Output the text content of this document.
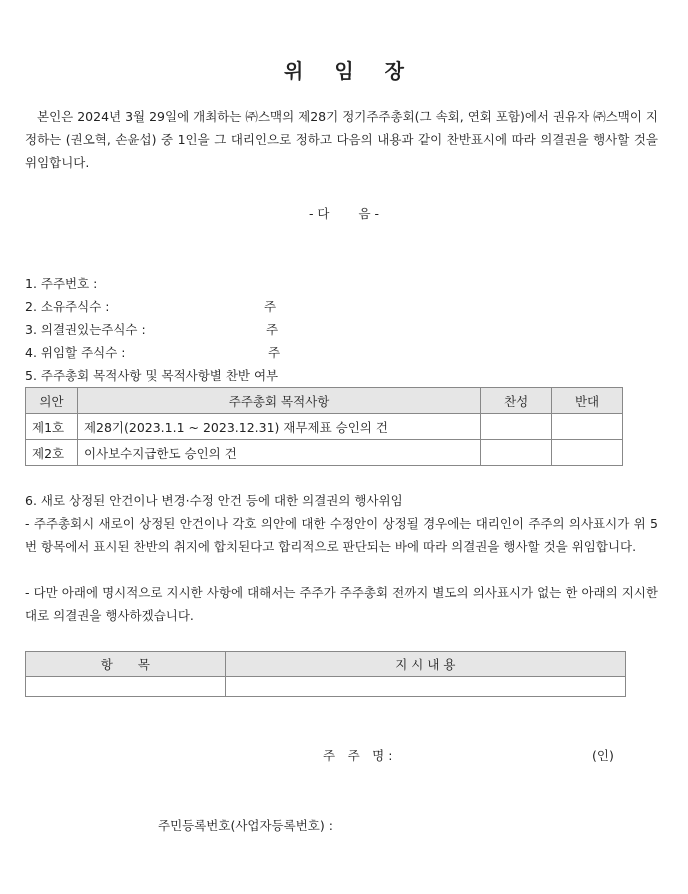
위 임 장
본인은 2024년 3월 29일에 개최하는 ㈜스맥의 제28기 정기주주총회(그 속회, 연회 포함)에서 권유자 ㈜스맥이 지정하는 (권오혁, 손윤섭) 중 1인을 그 대리인으로 정하고 다음의 내용과 같이 찬반표시에 따라 의결권을 행사할 것을 위임합니다.
- 다 　　음 -
1. 주주번호 :
2. 소유주식수 :	주
3. 의결권있는주식수 :	주
4. 위임할 주식수 :	주
5. 주주총회 목적사항 및 목적사항별 찬반 여부
의안	주주총회 목적사항	찬성	반대
제1호	제28기(2023.1.1 ~ 2023.12.31) 재무제표 승인의 건		
제2호	이사보수지급한도 승인의 건		
6. 새로 상정된 안건이나 변경·수정 안건 등에 대한 의결권의 행사위임
- 주주총회시 새로이 상정된 안건이나 각호 의안에 대한 수정안이 상정될 경우에는 대리인이 주주의 의사표시가 위 5번 항목에서 표시된 찬반의 취지에 합치된다고 합리적으로 판단되는 바에 따라 의결권을 행사할 것을 위임합니다.
- 다만 아래에 명시적으로 지시한 사항에 대해서는 주주가 주주총회 전까지 별도의 의사표시가 없는 한 아래의 지시한 대로 의결권을 행사하겠습니다.
항　　목	지 시 내 용

주　주　명 :	(인)
주민등록번호(사업자등록번호) :
